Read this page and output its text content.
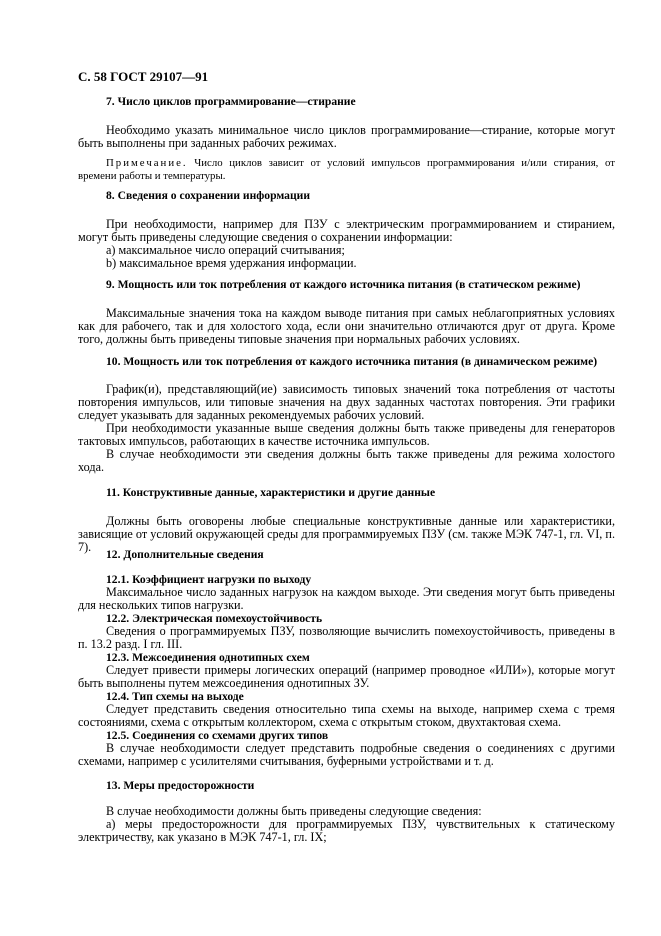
С. 58 ГОСТ 29107—91
7. Число циклов программирование—стирание
Необходимо указать минимальное число циклов программирование—стирание, которые могут быть выполнены при заданных рабочих режимах.
Примечание. Число циклов зависит от условий импульсов программирования и/или стирания, от времени работы и температуры.
8. Сведения о сохранении информации
При необходимости, например для ПЗУ с электрическим программированием и стиранием, могут быть приведены следующие сведения о сохранении информации:
а) максимальное число операций считывания;
b) максимальное время удержания информации.
9. Мощность или ток потребления от каждого источника питания (в статическом режиме)
Максимальные значения тока на каждом выводе питания при самых неблагоприятных условиях как для рабочего, так и для холостого хода, если они значительно отличаются друг от друга. Кроме того, должны быть приведены типовые значения при нормальных рабочих условиях.
10. Мощность или ток потребления от каждого источника питания (в динамическом режиме)
График(и), представляющий(ие) зависимость типовых значений тока потребления от частоты повторения импульсов, или типовые значения на двух заданных частотах повторения. Эти графики следует указывать для заданных рекомендуемых рабочих условий.
При необходимости указанные выше сведения должны быть также приведены для генераторов тактовых импульсов, работающих в качестве источника импульсов.
В случае необходимости эти сведения должны быть также приведены для режима холостого хода.
11. Конструктивные данные, характеристики и другие данные
Должны быть оговорены любые специальные конструктивные данные или характеристики, зависящие от условий окружающей среды для программируемых ПЗУ (см. также МЭК 747-1, гл. VI, п. 7).
12. Дополнительные сведения
12.1. Коэффициент нагрузки по выходу
Максимальное число заданных нагрузок на каждом выходе. Эти сведения могут быть приведены для нескольких типов нагрузки.
12.2. Электрическая помехоустойчивость
Сведения о программируемых ПЗУ, позволяющие вычислить помехоустойчивость, приведены в п. 13.2 разд. I гл. III.
12.3. Межсоединения однотипных схем
Следует привести примеры логических операций (например проводное «ИЛИ»), которые могут быть выполнены путем межсоединения однотипных ЗУ.
12.4. Тип схемы на выходе
Следует представить сведения относительно типа схемы на выходе, например схема с тремя состояниями, схема с открытым коллектором, схема с открытым стоком, двухтактовая схема.
12.5. Соединения со схемами других типов
В случае необходимости следует представить подробные сведения о соединениях с другими схемами, например с усилителями считывания, буферными устройствами и т. д.
13. Меры предосторожности
В случае необходимости должны быть приведены следующие сведения:
а) меры предосторожности для программируемых ПЗУ, чувствительных к статическому электричеству, как указано в МЭК 747-1, гл. IX;
